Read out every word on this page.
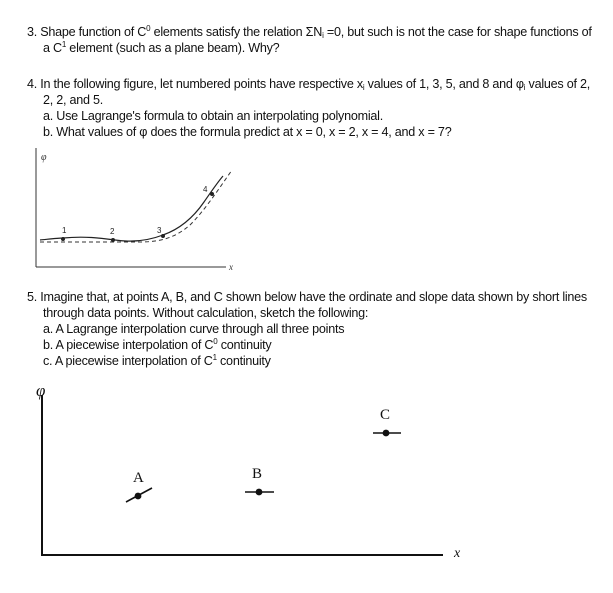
3. Shape function of $C^0$ elements satisfy the relation $\Sigma N_i =0$, but such is not the case for shape functions of
a $C^1$ element (such as a plane beam). Why?
4. In the following figure, let numbered points have respective $x_i$ values of 1, 3, 5, and 8 and $\varphi_i$ values of 2,
2, 2, and 5.
a. Use Lagrange's formula to obtain an interpolating polynomial.
b. What values of φ does the formula predict at x = 0, x = 2, x = 4, and x = 7?
φ
x
1	2	3
4
5. Imagine that, at points A, B, and C shown below have the ordinate and slope data shown by short lines
through data points. Without calculation, sketch the following:
a. A Lagrange interpolation curve through all three points
b. A piecewise interpolation of $C^0$ continuity
c. A piecewise interpolation of $C^1$ continuity
φ
x
A	B
C
